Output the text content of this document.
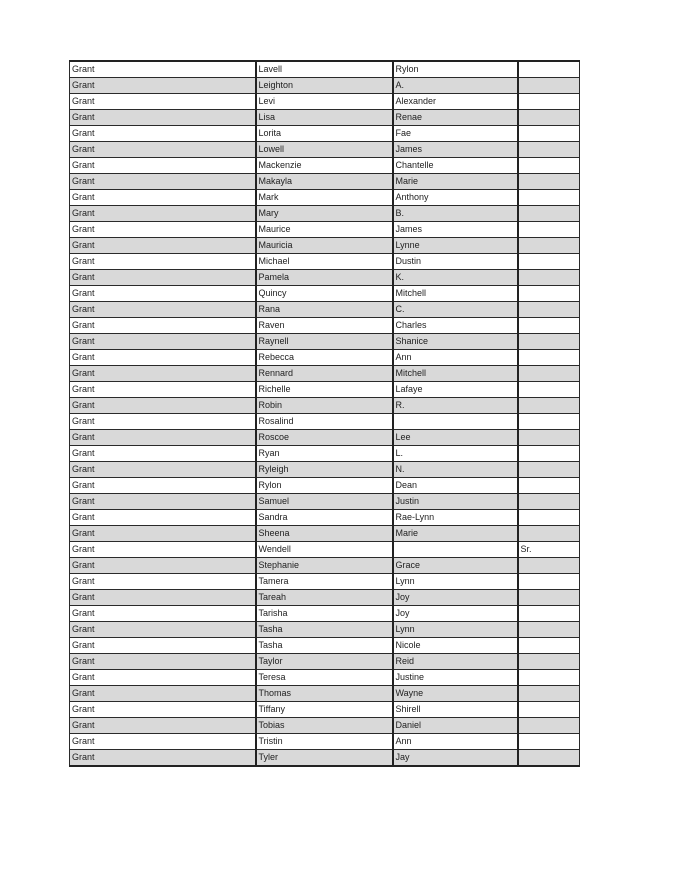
Grant	Lavell	Rylon	
Grant	Leighton	A.	
Grant	Levi	Alexander	
Grant	Lisa	Renae	
Grant	Lorita	Fae	
Grant	Lowell	James	
Grant	Mackenzie	Chantelle	
Grant	Makayla	Marie	
Grant	Mark	Anthony	
Grant	Mary	B.	
Grant	Maurice	James	
Grant	Mauricia	Lynne	
Grant	Michael	Dustin	
Grant	Pamela	K.	
Grant	Quincy	Mitchell	
Grant	Rana	C.	
Grant	Raven	Charles	
Grant	Raynell	Shanice	
Grant	Rebecca	Ann	
Grant	Rennard	Mitchell	
Grant	Richelle	Lafaye	
Grant	Robin	R.	
Grant	Rosalind		
Grant	Roscoe	Lee	
Grant	Ryan	L.	
Grant	Ryleigh	N.	
Grant	Rylon	Dean	
Grant	Samuel	Justin	
Grant	Sandra	Rae-Lynn	
Grant	Sheena	Marie	
Grant	Wendell		Sr.
Grant	Stephanie	Grace	
Grant	Tamera	Lynn	
Grant	Tareah	Joy	
Grant	Tarisha	Joy	
Grant	Tasha	Lynn	
Grant	Tasha	Nicole	
Grant	Taylor	Reid	
Grant	Teresa	Justine	
Grant	Thomas	Wayne	
Grant	Tiffany	Shirell	
Grant	Tobias	Daniel	
Grant	Tristin	Ann	
Grant	Tyler	Jay	
